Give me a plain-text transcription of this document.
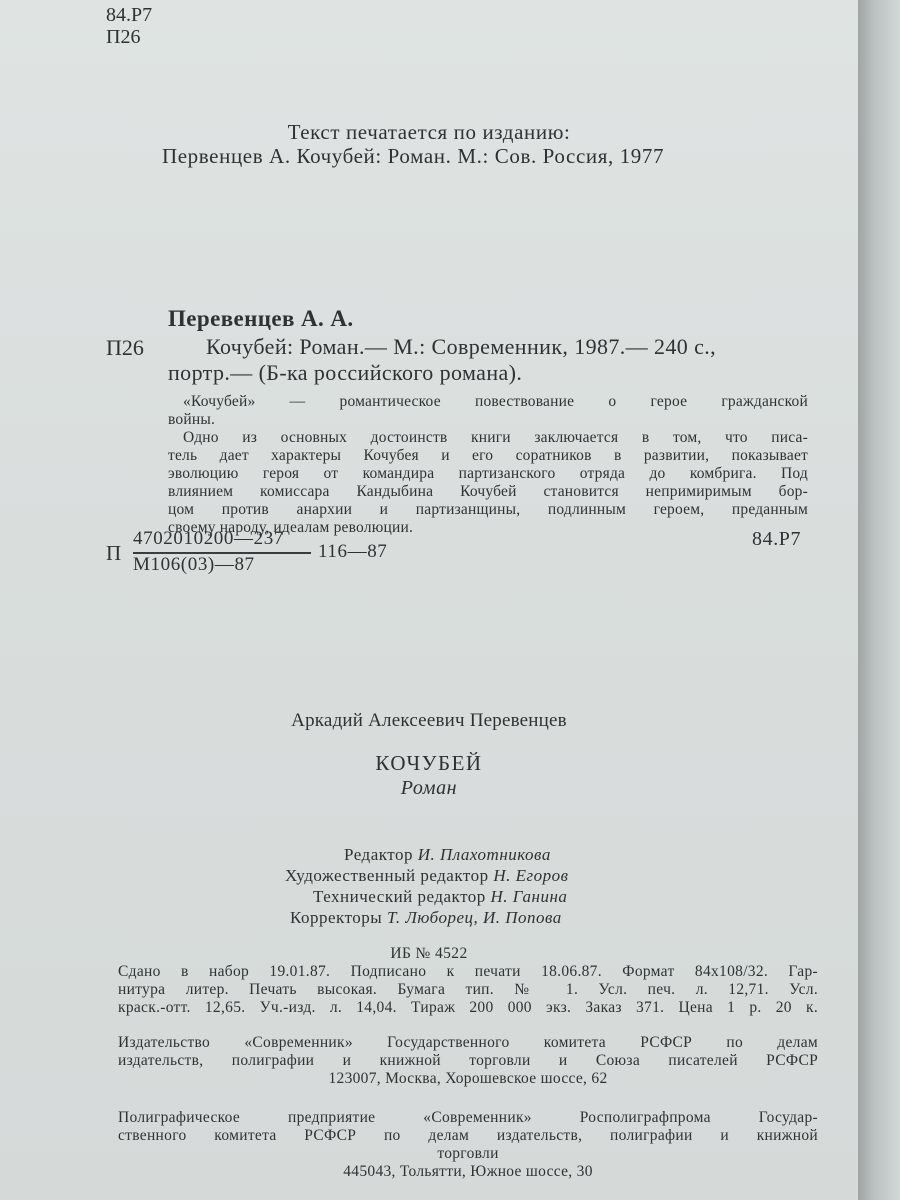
84.Р7
П26
Текст печатается по изданию:
Первенцев А. Кочубей: Роман. М.: Сов. Россия, 1977
Перевенцев А. А.
П26	Кочубей: Роман.— М.: Современник, 1987.— 240 с.,
портр.— (Б-ка российского романа).
«Кочубей» — романтическое повествование о герое гражданской
войны.
Одно из основных достоинств книги заключается в том, что писа-
тель дает характеры Кочубея и его соратников в развитии, показывает
эволюцию героя от командира партизанского отряда до комбрига. Под
влиянием комиссара Кандыбина Кочубей становится непримиримым бор-
цом против анархии и партизанщины, подлинным героем, преданным
своему народу, идеалам революции.
П
4702010200—237
М106(03)—87
116—87
84.Р7
Аркадий Алексеевич Перевенцев
КОЧУБЕЙ
Роман
Редактор И. Плахотникова
Художественный редактор Н. Егоров
Технический редактор Н. Ганина
Корректоры Т. Люборец, И. Попова
ИБ № 4522
Сдано в набор 19.01.87. Подписано к печати 18.06.87. Формат 84х108/32. Гар-
нитура литер. Печать высокая. Бумага тип. № 1. Усл. печ. л. 12,71. Усл.
краск.-отт. 12,65. Уч.-изд. л. 14,04. Тираж 200 000 экз. Заказ 371. Цена 1 р. 20 к.
Издательство «Современник» Государственного комитета РСФСР по делам
издательств, полиграфии и книжной торговли и Союза писателей РСФСР
123007, Москва, Хорошевское шоссе, 62
Полиграфическое предприятие «Современник» Росполиграфпрома Государ-
ственного комитета РСФСР по делам издательств, полиграфии и книжной
торговли
445043, Тольятти, Южное шоссе, 30
